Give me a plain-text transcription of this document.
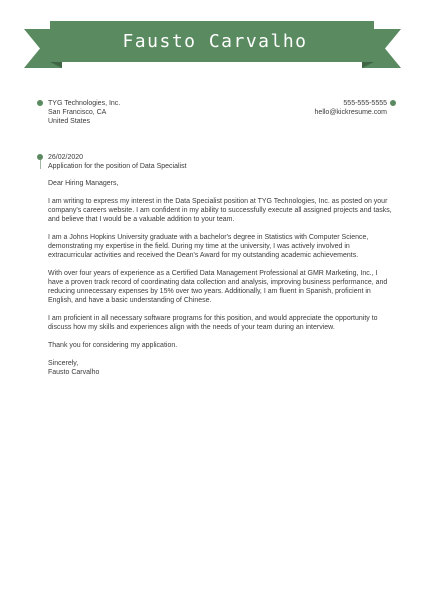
Fausto Carvalho
TYG Technologies, Inc.
San Francisco, CA
United States
555-555-5555
hello@kickresume.com
26/02/2020
Application for the position of Data Specialist

Dear Hiring Managers,

I am writing to express my interest in the Data Specialist position at TYG Technologies, Inc. as posted on your company's careers website. I am confident in my ability to successfully execute all assigned projects and tasks, and believe that I would be a valuable addition to your team.

I am a Johns Hopkins University graduate with a bachelor's degree in Statistics with Computer Science, demonstrating my expertise in the field. During my time at the university, I was actively involved in extracurricular activities and received the Dean's Award for my outstanding academic achievements.

With over four years of experience as a Certified Data Management Professional at GMR Marketing, Inc., I have a proven track record of coordinating data collection and analysis, improving business performance, and reducing unnecessary expenses by 15% over two years. Additionally, I am fluent in Spanish, proficient in English, and have a basic understanding of Chinese.

I am proficient in all necessary software programs for this position, and would appreciate the opportunity to discuss how my skills and experiences align with the needs of your team during an interview.

Thank you for considering my application.

Sincerely,
Fausto Carvalho
